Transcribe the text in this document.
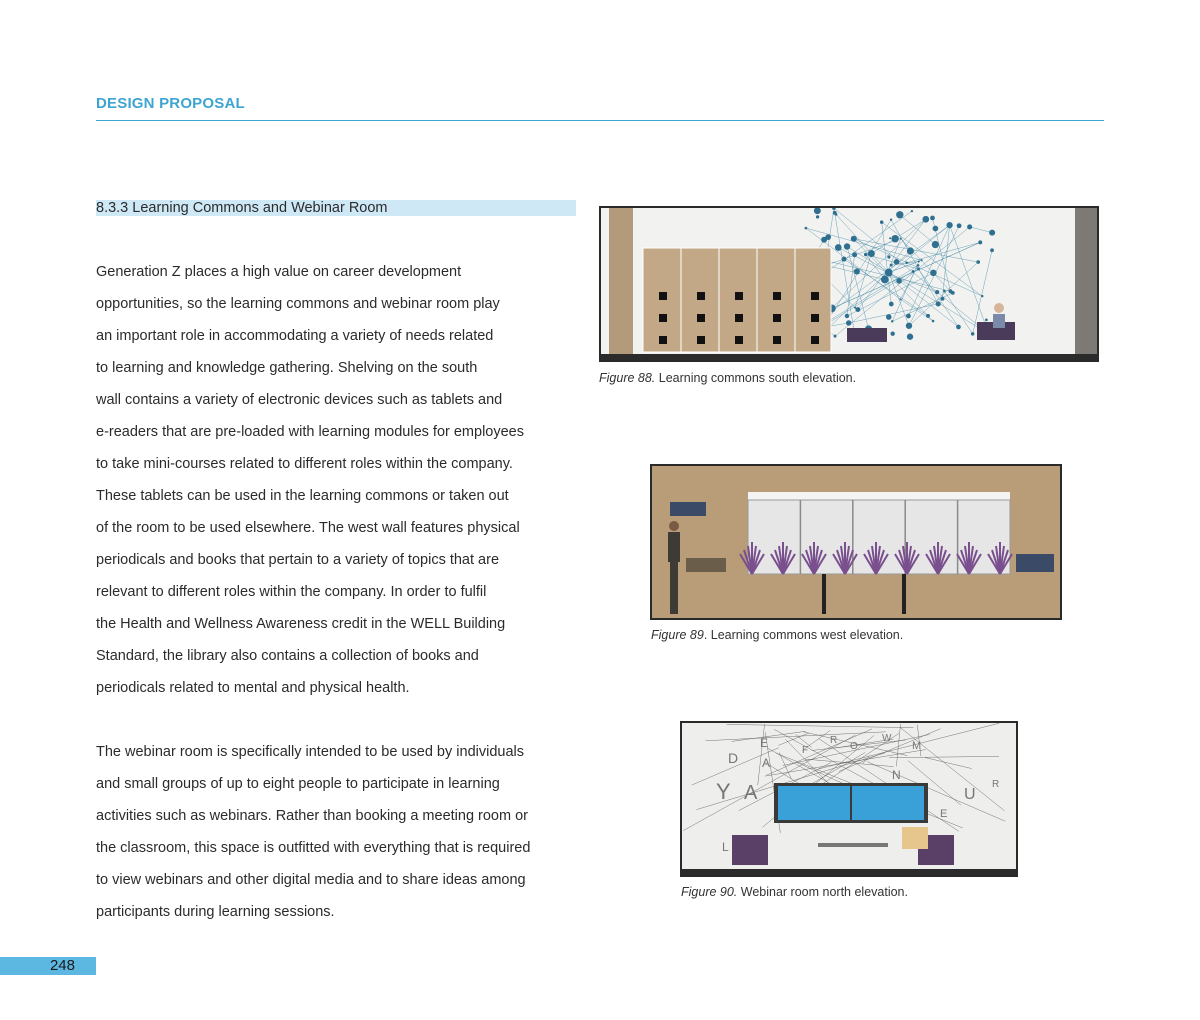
DESIGN PROPOSAL
8.3.3 Learning Commons and Webinar Room

Generation Z places a high value on career development

opportunities, so the learning commons and webinar room play

an important role in accommodating a variety of needs related

to learning and knowledge gathering. Shelving on the south

wall contains a variety of electronic devices such as tablets and

e-readers that are pre-loaded with learning modules for employees

to take mini-courses related to different roles within the company.

These tablets can be used in the learning commons or taken out

of the room to be used elsewhere. The west wall features physical

periodicals and books that pertain to a variety of topics that are

relevant to different roles within the company. In order to fulfil

the Health and Wellness Awareness credit in the WELL Building

Standard, the library also contains a collection of books and

periodicals related to mental and physical health.

The webinar room is specifically intended to be used by individuals

and small groups of up to eight people to participate in learning

activities such as webinars. Rather than booking a meeting room or

the classroom, this space is outfitted with everything that is required

to view webinars and other digital media and to share ideas among

participants during learning sessions.

Figure 88. Learning commons south elevation.
Figure 89. Learning commons west elevation.
D
E
A
F
R
O
W
M
Y A
L
U
R
N
E
Figure 90. Webinar room north elevation.
248
